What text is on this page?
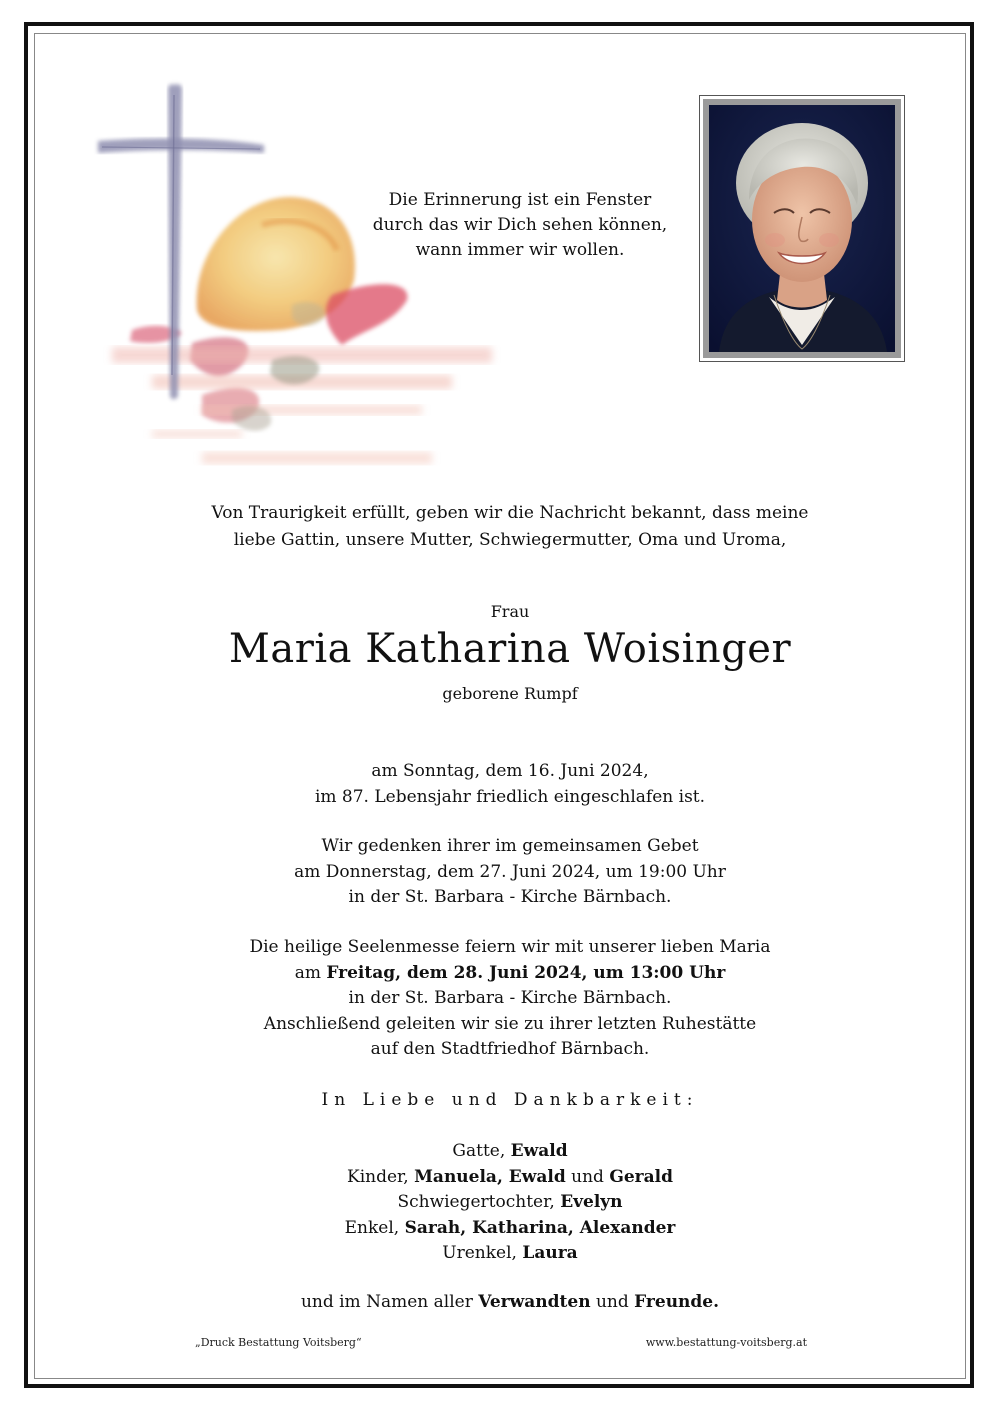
Die Erinnerung ist ein Fenster
durch das wir Dich sehen können,
wann immer wir wollen.
Von Traurigkeit erfüllt, geben wir die Nachricht bekannt, dass meine
liebe Gattin, unsere Mutter, Schwiegermutter, Oma und Uroma,
Frau
Maria Katharina Woisinger
geborene Rumpf
am Sonntag, dem 16. Juni 2024,
im 87. Lebensjahr friedlich eingeschlafen ist.
Wir gedenken ihrer im gemeinsamen Gebet
am Donnerstag, dem 27. Juni 2024, um 19:00 Uhr
in der St. Barbara - Kirche Bärnbach.
Die heilige Seelenmesse feiern wir mit unserer lieben Maria
am Freitag, dem 28. Juni 2024, um 13:00 Uhr
in der St. Barbara - Kirche Bärnbach.
Anschließend geleiten wir sie zu ihrer letzten Ruhestätte
auf den Stadtfriedhof Bärnbach.
In Liebe und Dankbarkeit:
Gatte, Ewald
Kinder, Manuela, Ewald und Gerald
Schwiegertochter, Evelyn
Enkel, Sarah, Katharina, Alexander
Urenkel, Laura
und im Namen aller Verwandten und Freunde.
„Druck Bestattung Voitsberg“	www.bestattung-voitsberg.at
